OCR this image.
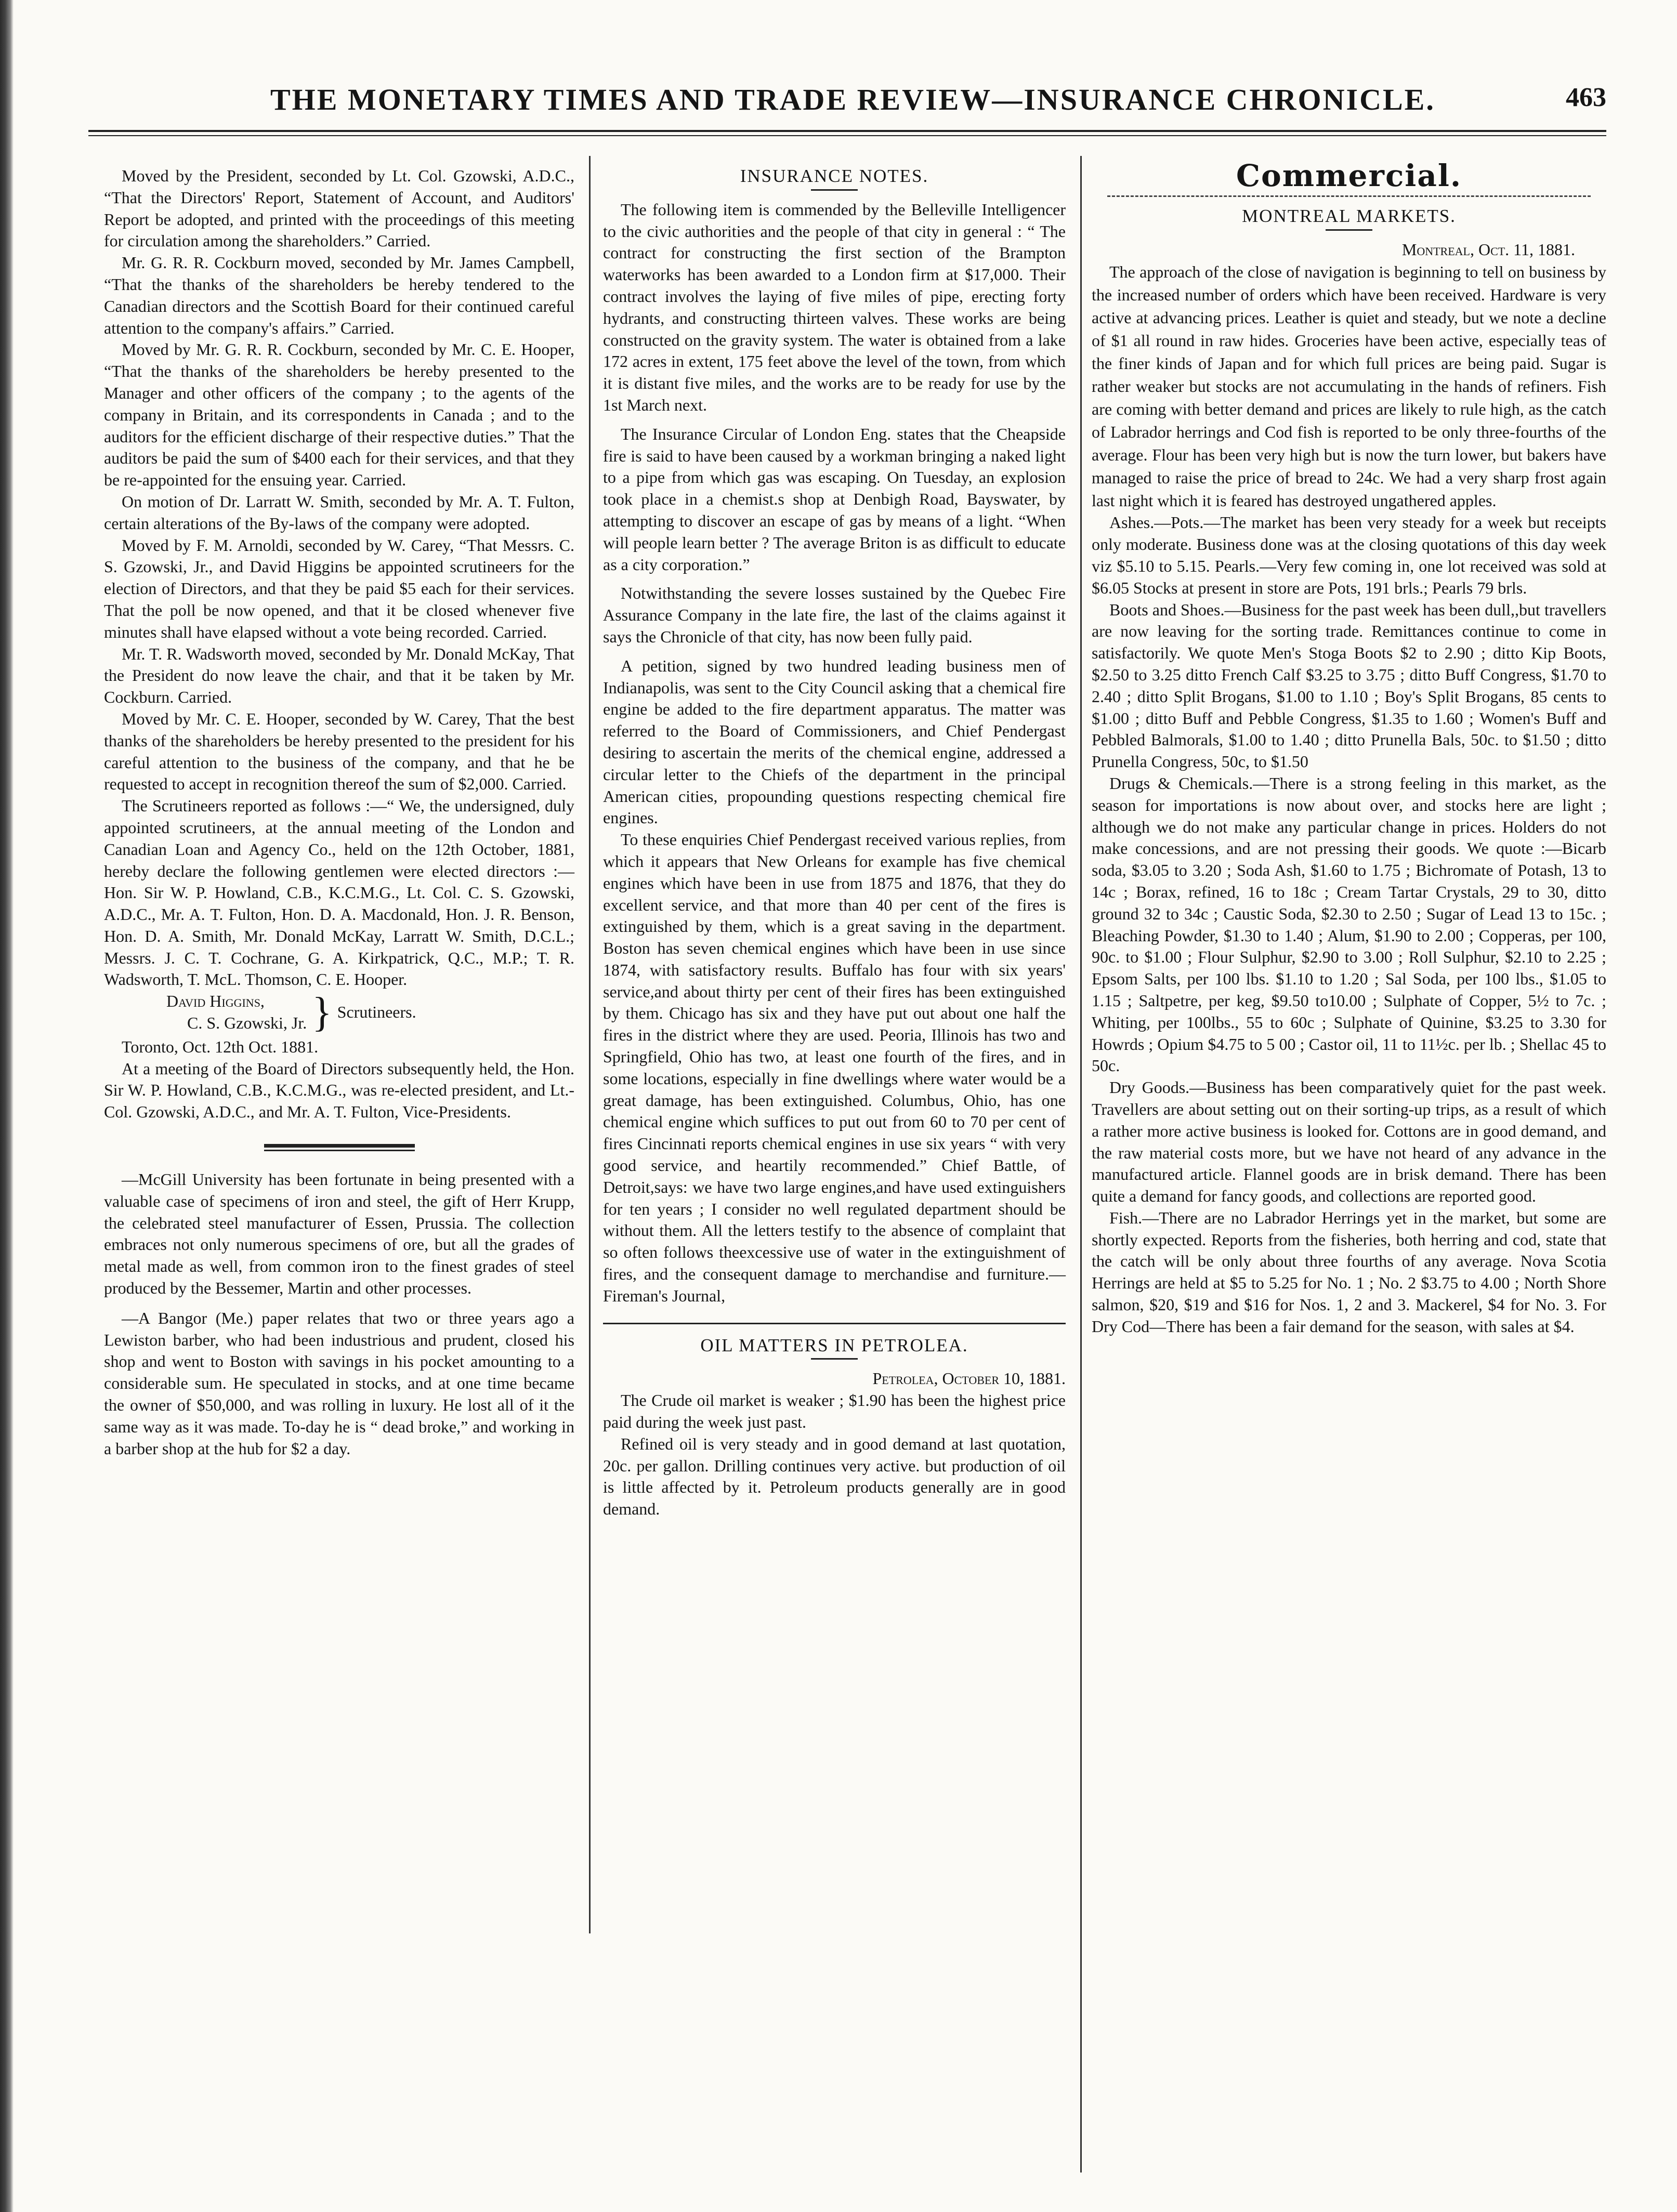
THE MONETARY TIMES AND TRADE REVIEW—INSURANCE CHRONICLE.	463

Moved by the President, seconded by Lt. Col. Gzowski, A.D.C., “That the Directors' Report, Statement of Account, and Auditors' Report be adopted, and printed with the proceedings of this meeting for circulation among the shareholders.” Carried.

Mr. G. R. R. Cockburn moved, seconded by Mr. James Campbell, “That the thanks of the shareholders be hereby tendered to the Canadian directors and the Scottish Board for their continued careful attention to the company's affairs.” Carried.

Moved by Mr. G. R. R. Cockburn, seconded by Mr. C. E. Hooper, “That the thanks of the shareholders be hereby presented to the Manager and other officers of the company ; to the agents of the company in Britain, and its correspondents in Canada ; and to the auditors for the efficient discharge of their respective duties.” That the auditors be paid the sum of $400 each for their services, and that they be re-appointed for the ensuing year. Carried.

On motion of Dr. Larratt W. Smith, seconded by Mr. A. T. Fulton, certain alterations of the By-laws of the company were adopted.

Moved by F. M. Arnoldi, seconded by W. Carey, “That Messrs. C. S. Gzowski, Jr., and David Higgins be appointed scrutineers for the election of Directors, and that they be paid $5 each for their services. That the poll be now opened, and that it be closed whenever five minutes shall have elapsed without a vote being recorded. Carried.

Mr. T. R. Wadsworth moved, seconded by Mr. Donald McKay, That the President do now leave the chair, and that it be taken by Mr. Cockburn. Carried.

Moved by Mr. C. E. Hooper, seconded by W. Carey, That the best thanks of the shareholders be hereby presented to the president for his careful attention to the business of the company, and that he be requested to accept in recognition thereof the sum of $2,000. Carried.

The Scrutineers reported as follows :—“ We, the undersigned, duly appointed scrutineers, at the annual meeting of the London and Canadian Loan and Agency Co., held on the 12th October, 1881, hereby declare the following gentlemen were elected directors :—Hon. Sir W. P. Howland, C.B., K.C.M.G., Lt. Col. C. S. Gzowski, A.D.C., Mr. A. T. Fulton, Hon. D. A. Macdonald, Hon. J. R. Benson, Hon. D. A. Smith, Mr. Donald McKay, Larratt W. Smith, D.C.L.; Messrs. J. C. T. Cochrane, G. A. Kirkpatrick, Q.C., M.P.; T. R. Wadsworth, T. McL. Thomson, C. E. Hooper.

David Higgins,
C. S. Gzowski, Jr. } Scrutineers.

Toronto, Oct. 12th Oct. 1881.

At a meeting of the Board of Directors subsequently held, the Hon. Sir W. P. Howland, C.B., K.C.M.G., was re-elected president, and Lt.-Col. Gzowski, A.D.C., and Mr. A. T. Fulton, Vice-Presidents.

—McGill University has been fortunate in being presented with a valuable case of specimens of iron and steel, the gift of Herr Krupp, the celebrated steel manufacturer of Essen, Prussia. The collection embraces not only numerous specimens of ore, but all the grades of metal made as well, from common iron to the finest grades of steel produced by the Bessemer, Martin and other processes.

—A Bangor (Me.) paper relates that two or three years ago a Lewiston barber, who had been industrious and prudent, closed his shop and went to Boston with savings in his pocket amounting to a considerable sum. He speculated in stocks, and at one time became the owner of $50,000, and was rolling in luxury. He lost all of it the same way as it was made. To-day he is “ dead broke,” and working in a barber shop at the hub for $2 a day.

INSURANCE NOTES.

The following item is commended by the Belleville Intelligencer to the civic authorities and the people of that city in general : “ The contract for constructing the first section of the Brampton waterworks has been awarded to a London firm at $17,000. Their contract involves the laying of five miles of pipe, erecting forty hydrants, and constructing thirteen valves. These works are being constructed on the gravity system. The water is obtained from a lake 172 acres in extent, 175 feet above the level of the town, from which it is distant five miles, and the works are to be ready for use by the 1st March next.

The Insurance Circular of London Eng. states that the Cheapside fire is said to have been caused by a workman bringing a naked light to a pipe from which gas was escaping. On Tuesday, an explosion took place in a chemist.s shop at Denbigh Road, Bayswater, by attempting to discover an escape of gas by means of a light. “When will people learn better ? The average Briton is as difficult to educate as a city corporation.”

Notwithstanding the severe losses sustained by the Quebec Fire Assurance Company in the late fire, the last of the claims against it says the Chronicle of that city, has now been fully paid.

A petition, signed by two hundred leading business men of Indianapolis, was sent to the City Council asking that a chemical fire engine be added to the fire department apparatus. The matter was referred to the Board of Commissioners, and Chief Pendergast desiring to ascertain the merits of the chemical engine, addressed a circular letter to the Chiefs of the department in the principal American cities, propounding questions respecting chemical fire engines.

To these enquiries Chief Pendergast received various replies, from which it appears that New Orleans for example has five chemical engines which have been in use from 1875 and 1876, that they do excellent service, and that more than 40 per cent of the fires is extinguished by them, which is a great saving in the department. Boston has seven chemical engines which have been in use since 1874, with satisfactory results. Buffalo has four with six years' service,and about thirty per cent of their fires has been extinguished by them. Chicago has six and they have put out about one half the fires in the district where they are used. Peoria, Illinois has two and Springfield, Ohio has two, at least one fourth of the fires, and in some locations, especially in fine dwellings where water would be a great damage, has been extinguished. Columbus, Ohio, has one chemical engine which suffices to put out from 60 to 70 per cent of fires Cincinnati reports chemical engines in use six years “ with very good service, and heartily recommended.” Chief Battle, of Detroit,says: we have two large engines,and have used extinguishers for ten years ; I consider no well regulated department should be without them. All the letters testify to the absence of complaint that so often follows theexcessive use of water in the extinguishment of fires, and the consequent damage to merchandise and furniture.—Fireman's Journal,

OIL MATTERS IN PETROLEA.

Petrolea, October 10, 1881.

The Crude oil market is weaker ; $1.90 has been the highest price paid during the week just past.

Refined oil is very steady and in good demand at last quotation, 20c. per gallon. Drilling continues very active. but production of oil is little affected by it. Petroleum products generally are in good demand.

Commercial.
MONTREAL MARKETS.

Montreal, Oct. 11, 1881.

The approach of the close of navigation is beginning to tell on business by the increased number of orders which have been received. Hardware is very active at advancing prices. Leather is quiet and steady, but we note a decline of $1 all round in raw hides. Groceries have been active, especially teas of the finer kinds of Japan and for which full prices are being paid. Sugar is rather weaker but stocks are not accumulating in the hands of refiners. Fish are coming with better demand and prices are likely to rule high, as the catch of Labrador herrings and Cod fish is reported to be only three-fourths of the average. Flour has been very high but is now the turn lower, but bakers have managed to raise the price of bread to 24c. We had a very sharp frost again last night which it is feared has destroyed ungathered apples.

Ashes.—Pots.—The market has been very steady for a week but receipts only moderate. Business done was at the closing quotations of this day week viz $5.10 to 5.15. Pearls.—Very few coming in, one lot received was sold at $6.05 Stocks at present in store are Pots, 191 brls.; Pearls 79 brls.

Boots and Shoes.—Business for the past week has been dull,,but travellers are now leaving for the sorting trade. Remittances continue to come in satisfactorily. We quote Men's Stoga Boots $2 to 2.90 ; ditto Kip Boots, $2.50 to 3.25 ditto French Calf $3.25 to 3.75 ; ditto Buff Congress, $1.70 to 2.40 ; ditto Split Brogans, $1.00 to 1.10 ; Boy's Split Brogans, 85 cents to $1.00 ; ditto Buff and Pebble Congress, $1.35 to 1.60 ; Women's Buff and Pebbled Balmorals, $1.00 to 1.40 ; ditto Prunella Bals, 50c. to $1.50 ; ditto Prunella Congress, 50c, to $1.50

Drugs & Chemicals.—There is a strong feeling in this market, as the season for importations is now about over, and stocks here are light ; although we do not make any particular change in prices. Holders do not make concessions, and are not pressing their goods. We quote :—Bicarb soda, $3.05 to 3.20 ; Soda Ash, $1.60 to 1.75 ; Bichromate of Potash, 13 to 14c ; Borax, refined, 16 to 18c ; Cream Tartar Crystals, 29 to 30, ditto ground 32 to 34c ; Caustic Soda, $2.30 to 2.50 ; Sugar of Lead 13 to 15c. ; Bleaching Powder, $1.30 to 1.40 ; Alum, $1.90 to 2.00 ; Copperas, per 100, 90c. to $1.00 ; Flour Sulphur, $2.90 to 3.00 ; Roll Sulphur, $2.10 to 2.25 ; Epsom Salts, per 100 lbs. $1.10 to 1.20 ; Sal Soda, per 100 lbs., $1.05 to 1.15 ; Saltpetre, per keg, $9.50 to10.00 ; Sulphate of Copper, 5½ to 7c. ; Whiting, per 100lbs., 55 to 60c ; Sulphate of Quinine, $3.25 to 3.30 for Howrds ; Opium $4.75 to 5 00 ; Castor oil, 11 to 11½c. per lb. ; Shellac 45 to 50c.

Dry Goods.—Business has been comparatively quiet for the past week. Travellers are about setting out on their sorting-up trips, as a result of which a rather more active business is looked for. Cottons are in good demand, and the raw material costs more, but we have not heard of any advance in the manufactured article. Flannel goods are in brisk demand. There has been quite a demand for fancy goods, and collections are reported good.

Fish.—There are no Labrador Herrings yet in the market, but some are shortly expected. Reports from the fisheries, both herring and cod, state that the catch will be only about three fourths of any average. Nova Scotia Herrings are held at $5 to 5.25 for No. 1 ; No. 2 $3.75 to 4.00 ; North Shore salmon, $20, $19 and $16 for Nos. 1, 2 and 3. Mackerel, $4 for No. 3. For Dry Cod—There has been a fair demand for the season, with sales at $4.
